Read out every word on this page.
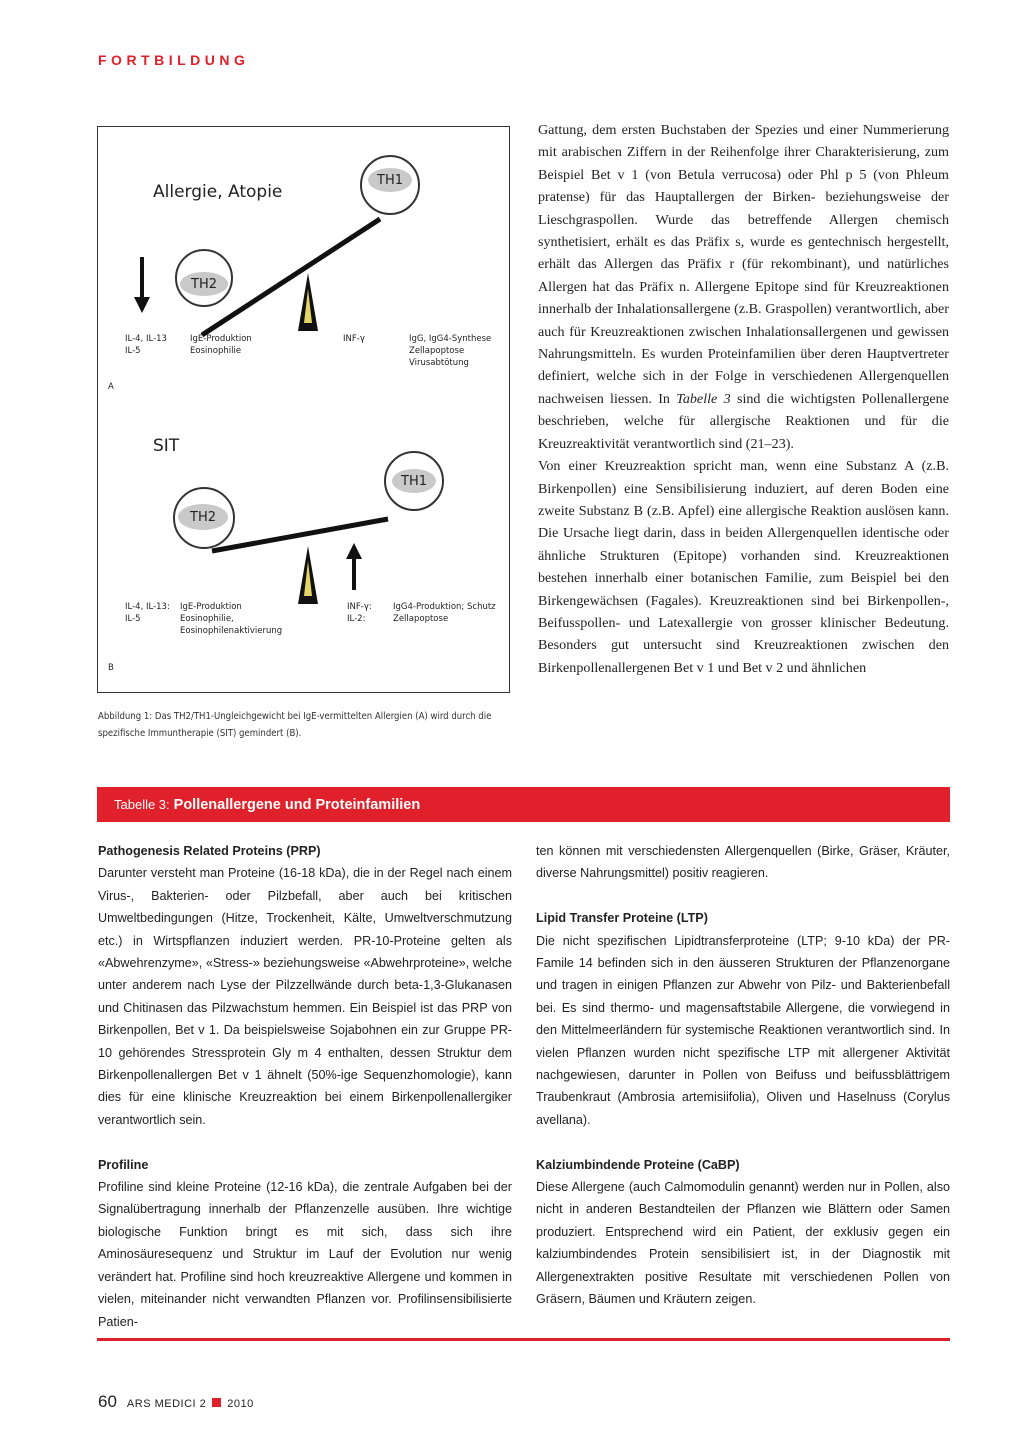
FORTBILDUNG
Allergie, Atopie
TH1
TH2
IL-4, IL-13
IL-5
IgE-Produktion
Eosinophilie
INF-γ	IgG, IgG4-Synthese
Zellapoptose
Virusabtötung
A
SIT
TH1
TH2
IL-4, IL-13:
IL-5
IgE-Produktion
Eosinophilie,
Eosinophilenaktivierung
INF-γ:
IL-2:
IgG4-Produktion; Schutz
Zellapoptose
B
Abbildung 1: Das TH2/TH1-Ungleichgewicht bei IgE-vermittelten Allergien (A) wird durch die spezifische Immuntherapie (SIT) gemindert (B).

Gattung, dem ersten Buchstaben der Spezies und einer Nummerierung mit arabischen Ziffern in der Reihenfolge ihrer Charakterisierung, zum Beispiel Bet v 1 (von Betula verrucosa) oder Phl p 5 (von Phleum pratense) für das Hauptallergen der Birken- beziehungsweise der Lieschgraspollen. Wurde das betreffende Allergen chemisch synthetisiert, erhält es das Präfix s, wurde es gentechnisch hergestellt, erhält das Allergen das Präfix r (für rekombinant), und natürliches Allergen hat das Präfix n. Allergene Epitope sind für Kreuzreaktionen innerhalb der Inhalationsallergene (z.B. Graspollen) verantwortlich, aber auch für Kreuzreaktionen zwischen Inhalationsallergenen und gewissen Nahrungsmitteln. Es wurden Proteinfamilien über deren Hauptvertreter definiert, welche sich in der Folge in verschiedenen Allergenquellen nachweisen liessen. In Tabelle 3 sind die wichtigsten Pollenallergene beschrieben, welche für allergische Reaktionen und für die Kreuzreaktivität verantwortlich sind (21–23).

Von einer Kreuzreaktion spricht man, wenn eine Substanz A (z.B. Birkenpollen) eine Sensibilisierung induziert, auf deren Boden eine zweite Substanz B (z.B. Apfel) eine allergische Reaktion auslösen kann. Die Ursache liegt darin, dass in beiden Allergenquellen identische oder ähnliche Strukturen (Epitope) vorhanden sind. Kreuzreaktionen bestehen innerhalb einer botanischen Familie, zum Beispiel bei den Birkengewächsen (Fagales). Kreuzreaktionen sind bei Birkenpollen-, Beifusspollen- und Latexallergie von grosser klinischer Bedeutung. Besonders gut untersucht sind Kreuzreaktionen zwischen den Birkenpollenallergenen Bet v 1 und Bet v 2 und ähnlichen

Tabelle 3: Pollenallergene und Proteinfamilien
Pathogenesis Related Proteins (PRP)

Darunter versteht man Proteine (16-18 kDa), die in der Regel nach einem Virus-, Bakterien- oder Pilzbefall, aber auch bei kritischen Umweltbedingungen (Hitze, Trockenheit, Kälte, Umweltverschmutzung etc.) in Wirtspflanzen induziert werden. PR-10-Proteine gelten als «Abwehrenzyme», «Stress-» beziehungsweise «Abwehrproteine», welche unter anderem nach Lyse der Pilzzellwände durch beta-1,3-Glukanasen und Chitinasen das Pilzwachstum hemmen. Ein Beispiel ist das PRP von Birkenpollen, Bet v 1. Da beispielsweise Sojabohnen ein zur Gruppe PR-10 gehörendes Stressprotein Gly m 4 enthalten, dessen Struktur dem Birkenpollenallergen Bet v 1 ähnelt (50%-ige Sequenzhomologie), kann dies für eine klinische Kreuzreaktion bei einem Birkenpollenallergiker verantwortlich sein.

Profiline

Profiline sind kleine Proteine (12-16 kDa), die zentrale Aufgaben bei der Signalübertragung innerhalb der Pflanzenzelle ausüben. Ihre wichtige biologische Funktion bringt es mit sich, dass sich ihre Aminosäuresequenz und Struktur im Lauf der Evolution nur wenig verändert hat. Profiline sind hoch kreuzreaktive Allergene und kommen in vielen, miteinander nicht verwandten Pflanzen vor. Profilinsensibilisierte Patien-

ten können mit verschiedensten Allergenquellen (Birke, Gräser, Kräuter, diverse Nahrungsmittel) positiv reagieren.
Lipid Transfer Proteine (LTP)

Die nicht spezifischen Lipidtransferproteine (LTP; 9-10 kDa) der PR-Famile 14 befinden sich in den äusseren Strukturen der Pflanzenorgane und tragen in einigen Pflanzen zur Abwehr von Pilz- und Bakterienbefall bei. Es sind thermo- und magensaftstabile Allergene, die vorwiegend in den Mittelmeerländern für systemische Reaktionen verantwortlich sind. In vielen Pflanzen wurden nicht spezifische LTP mit allergener Aktivität nachgewiesen, darunter in Pollen von Beifuss und beifussblättrigem Traubenkraut (Ambrosia artemisiifolia), Oliven und Haselnuss (Corylus avellana).

Kalziumbindende Proteine (CaBP)

Diese Allergene (auch Calmomodulin genannt) werden nur in Pollen, also nicht in anderen Bestandteilen der Pflanzen wie Blättern oder Samen produziert. Entsprechend wird ein Patient, der exklusiv gegen ein kalziumbindendes Protein sensibilisiert ist, in der Diagnostik mit Allergenextrakten positive Resultate mit verschiedenen Pollen von Gräsern, Bäumen und Kräutern zeigen.

60 ARS MEDICI 2 2010
